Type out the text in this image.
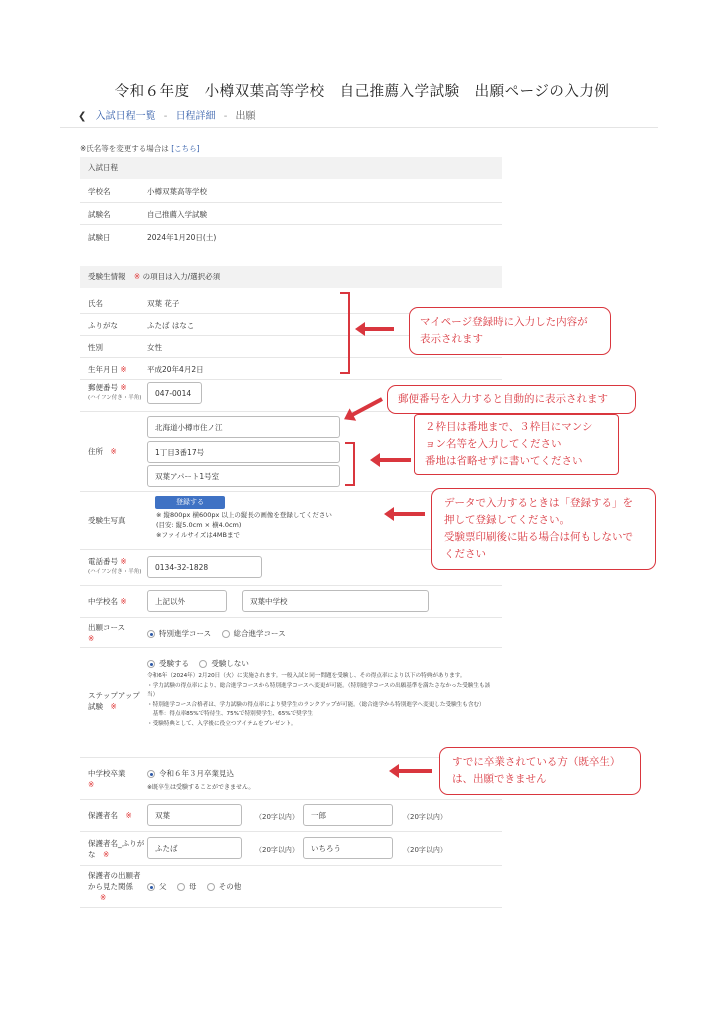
令和６年度　小樽双葉高等学校　自己推薦入学試験　出願ページの入力例
❮ 入試日程一覧 - 日程詳細 - 出願
※氏名等を変更する場合は [こちら]
入試日程
学校名	小樽双葉高等学校
試験名	自己推薦入学試験
試験日	2024年1月20日(土)
受験生情報 ※ の項目は入力/選択必須
氏名	双葉 花子
ふりがな	ふたば はなこ
性別	女性
生年月日 ※	平成20年4月2日
郵便番号 ※
(ハイフン付き・半角)
047-0014
住所　 ※
北海道小樽市住ノ江
1丁目3番17号
双葉アパート1号室
受験生写真
登録する
※ 縦800px 横600px 以上の縦長の画像を登録してください
(目安: 縦5.0cm × 横4.0cm)
※ファイルサイズは4MBまで
電話番号 ※
(ハイフン付き・半角)
0134-32-1828
中学校名 ※	上記以外	双葉中学校
出願コース
※
特別進学コース	総合進学コース
ステップアップ試験　 ※
受験する	受験しない
令和6年（2024年）2月20日（火）に実施されます。一般入試と同一問題を受験し、その得点率により以下の特典があります。
・学力試験の得点率により、総合進学コースから特別進学コースへ変更が可能。（特別進学コースの出願基準を満たさなかった受験生も該当）
・特別進学コース合格者は、学力試験の得点率により奨学生のランクアップが可能。（総合進学から特別進学へ変更した受験生も含む）
　基準：得点率85%で特待生、75%で特別奨学生、65%で奨学生
・受験特典として、入学後に役立つアイテムをプレゼント。
中学校卒業
※
令和６年３月卒業見込
※既卒生は受験することができません。
保護者名　 ※	双葉	（20字以内）	一郎	（20字以内）
保護者名_ふりがな　 ※
ふたば	（20字以内）	いちろう	（20字以内）
保護者の出願者から見た関係
※
父	母	その他
マイページ登録時に入力した内容が
表示されます
郵便番号を入力すると自動的に表示されます
２枠目は番地まで、３枠目にマンシ
ョン名等を入力してください
番地は省略せずに書いてください
データで入力するときは「登録する」を
押して登録してください。
受験票印刷後に貼る場合は何もしないで
ください
すでに卒業されている方（既卒生）
は、出願できません
